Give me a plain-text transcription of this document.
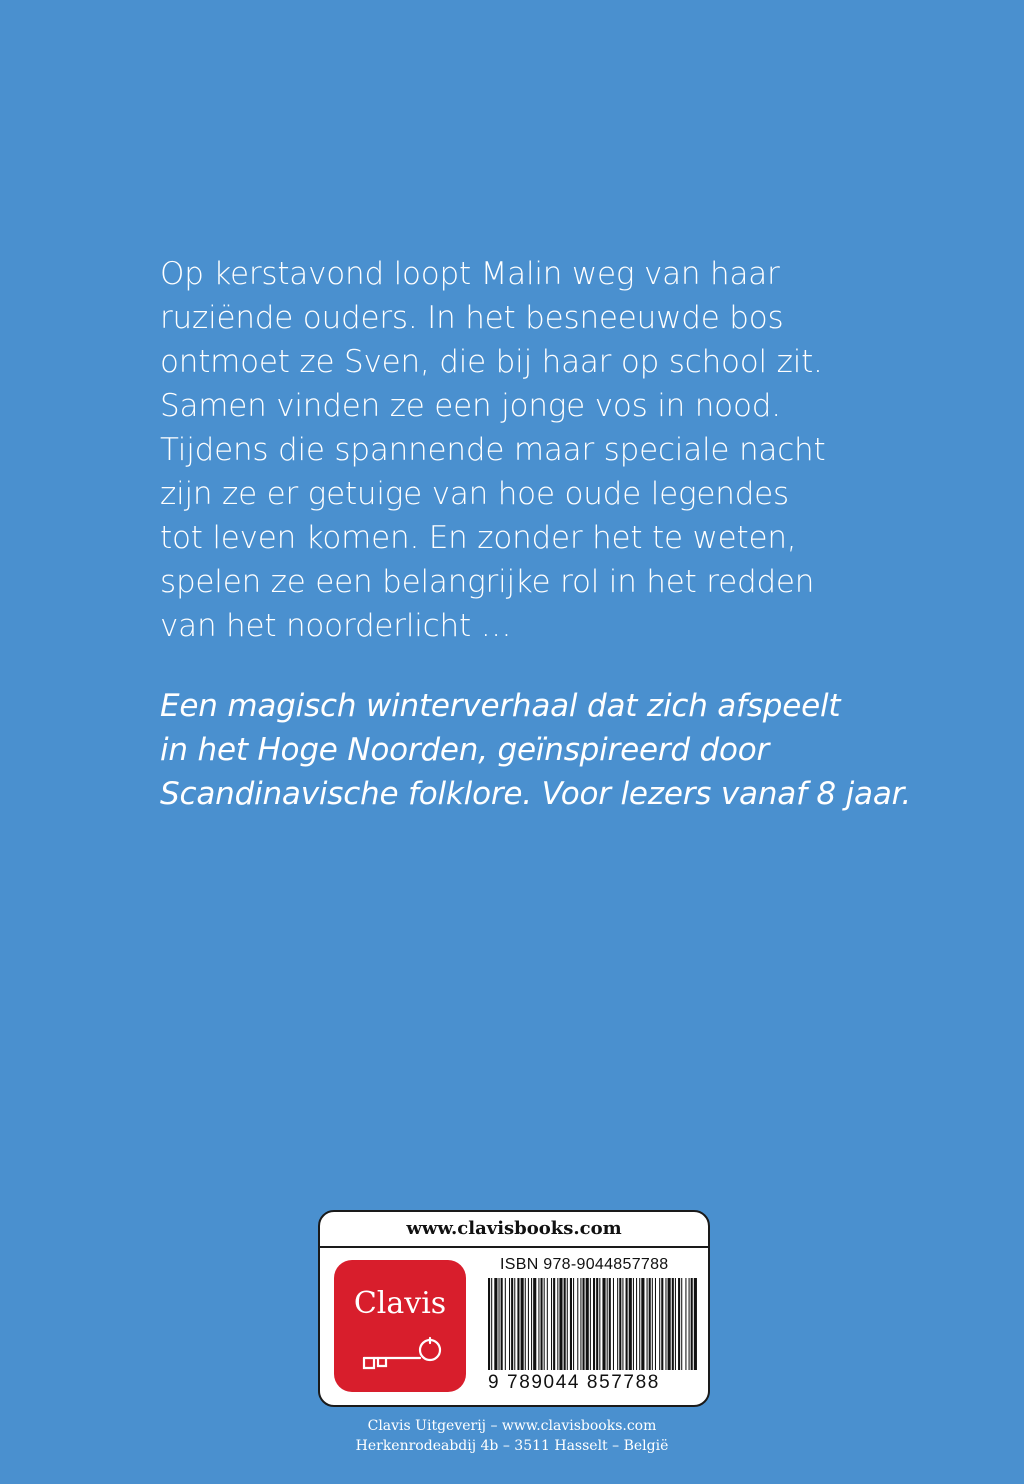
Op kerstavond loopt Malin weg van haar
ruziënde ouders. In het besneeuwde bos
ontmoet ze Sven, die bij haar op school zit.
Samen vinden ze een jonge vos in nood.
Tijdens die spannende maar speciale nacht
zijn ze er getuige van hoe oude legendes
tot leven komen. En zonder het te weten,
spelen ze een belangrijke rol in het redden
van het noorderlicht …
Een magisch winterverhaal dat zich afspeelt
in het Hoge Noorden, geïnspireerd door
Scandinavische folklore. Voor lezers vanaf 8 jaar.
www.clavisbooks.com
Clavis
ISBN 978-9044857788
9 789044 857788
Clavis Uitgeverij – www.clavisbooks.com
Herkenrodeabdij 4b – 3511 Hasselt – België
